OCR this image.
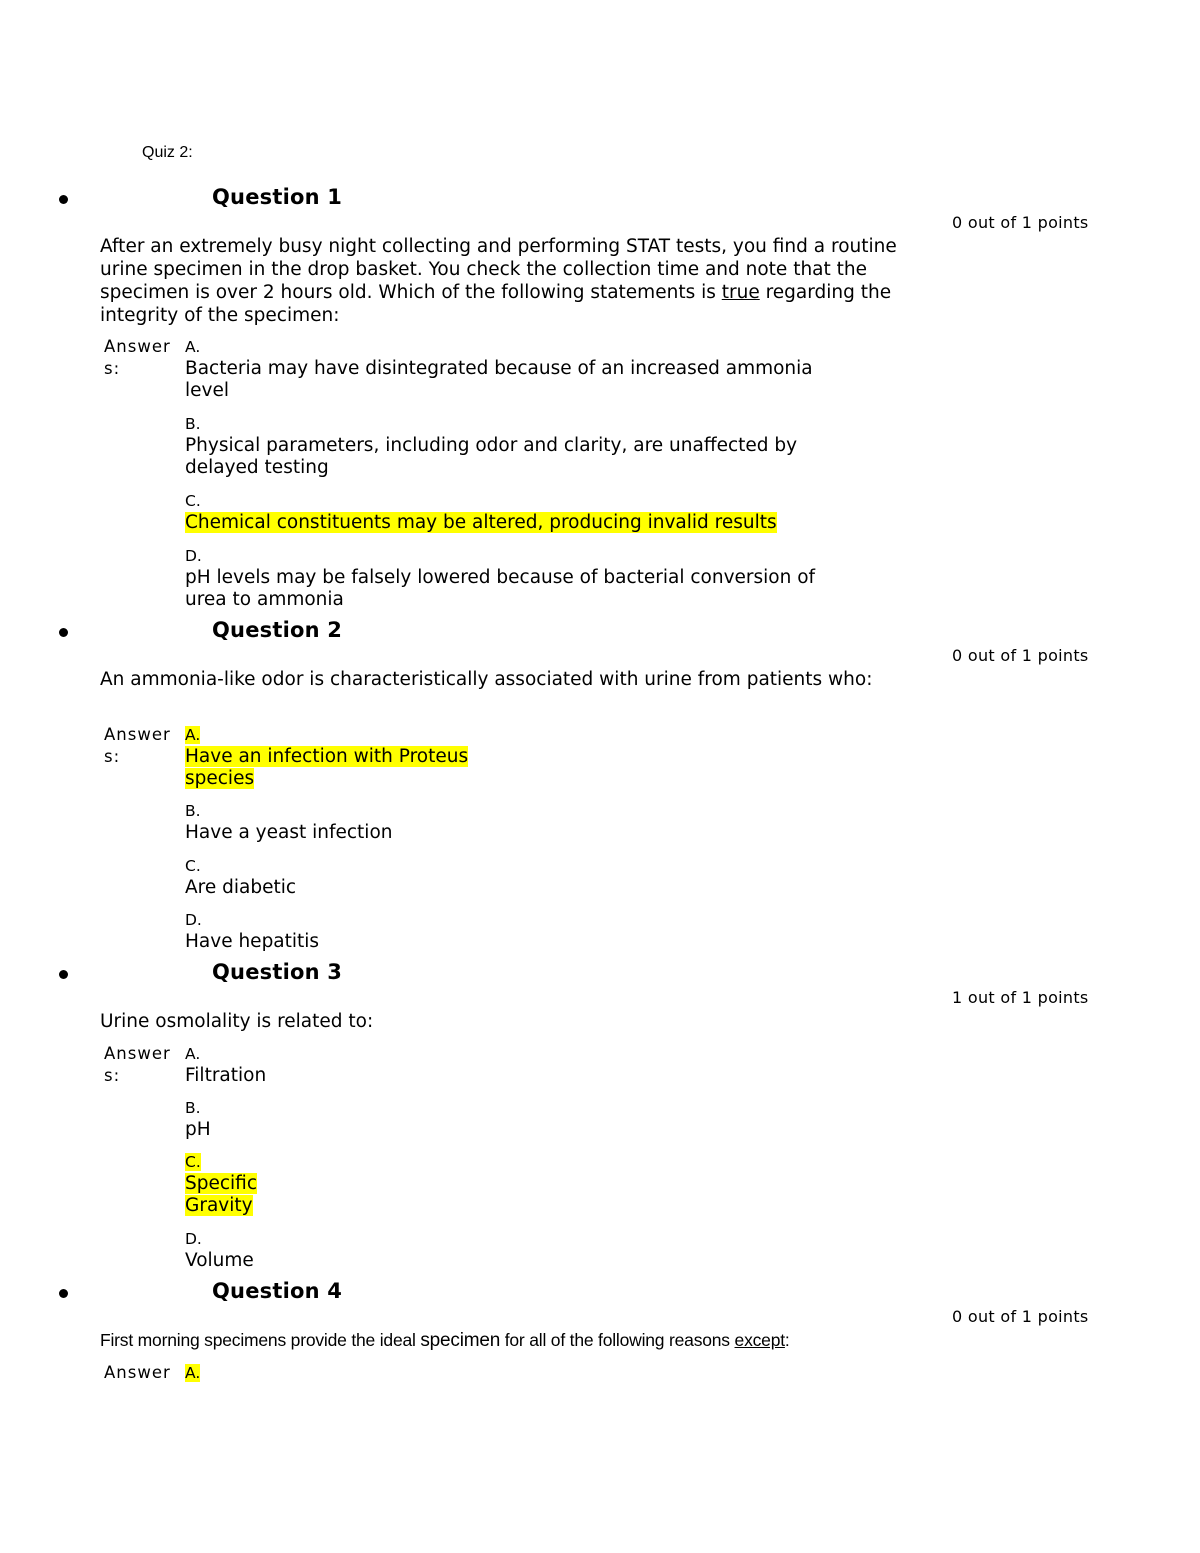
Quiz 2:
Question 1
0 out of 1 points
After an extremely busy night collecting and performing STAT tests, you find a routine
urine specimen in the drop basket. You check the collection time and note that the
specimen is over 2 hours old. Which of the following statements is true regarding the
integrity of the specimen:
Answer
s:
A.
Bacteria may have disintegrated because of an increased ammonia
level
B.
Physical parameters, including odor and clarity, are unaffected by
delayed testing
C.
Chemical constituents may be altered, producing invalid results
D.
pH levels may be falsely lowered because of bacterial conversion of
urea to ammonia
Question 2
0 out of 1 points
An ammonia-like odor is characteristically associated with urine from patients who:
Answer
s:
A.
Have an infection with Proteus
species
B.
Have a yeast infection
C.
Are diabetic
D.
Have hepatitis
Question 3
1 out of 1 points
Urine osmolality is related to:
Answer
s:
A.
Filtration
B.
pH
C.
Specific
Gravity
D.
Volume
Question 4
0 out of 1 points
First morning specimens provide the ideal specimen for all of the following reasons except:
Answer A.
